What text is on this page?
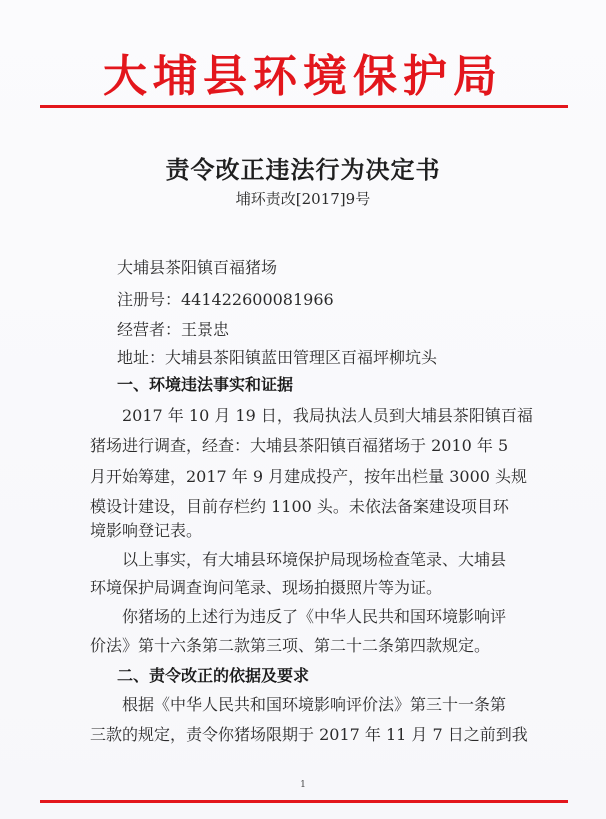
大埔县环境保护局
责令改正违法行为决定书
埔环责改[2017]9号
大埔县茶阳镇百福猪场
注册号：441422600081966
经营者：王景忠
地址：大埔县茶阳镇蓝田管理区百福坪柳坑头
一、环境违法事实和证据
2017 年 10 月 19 日，我局执法人员到大埔县茶阳镇百福
猪场进行调查，经查：大埔县茶阳镇百福猪场于 2010 年 5
月开始筹建，2017 年 9 月建成投产，按年出栏量 3000 头规
模设计建设，目前存栏约 1100 头。未依法备案建设项目环
境影响登记表。
以上事实，有大埔县环境保护局现场检查笔录、大埔县
环境保护局调查询问笔录、现场拍摄照片等为证。
你猪场的上述行为违反了《中华人民共和国环境影响评
价法》第十六条第二款第三项、第二十二条第四款规定。
二、责令改正的依据及要求
根据《中华人民共和国环境影响评价法》第三十一条第
三款的规定，责令你猪场限期于 2017 年 11 月 7 日之前到我
1
